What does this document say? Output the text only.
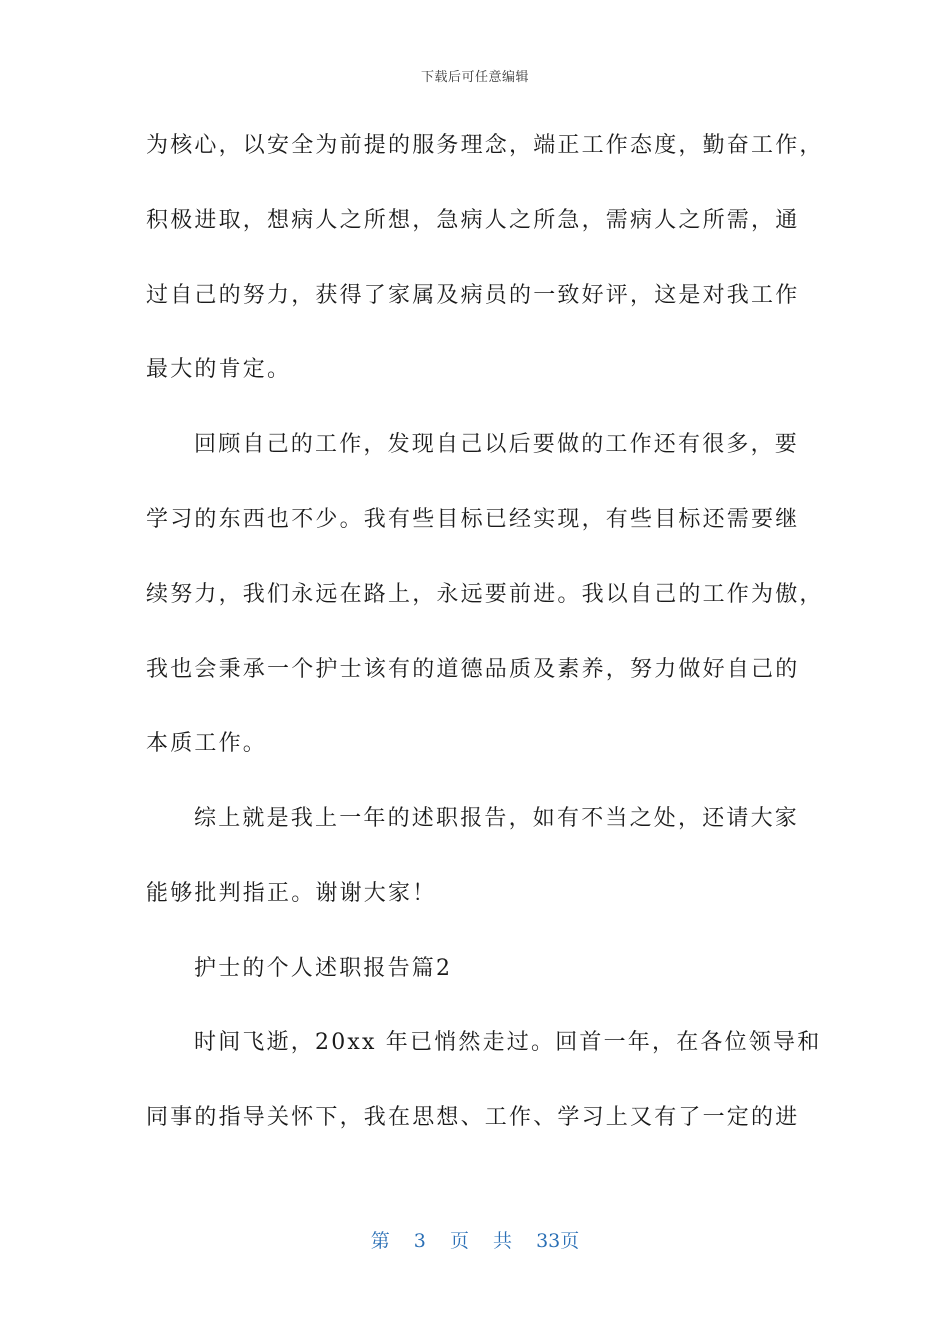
下载后可任意编辑
为核心，以安全为前提的服务理念，端正工作态度，勤奋工作，
积极进取，想病人之所想，急病人之所急，需病人之所需，通
过自己的努力，获得了家属及病员的一致好评，这是对我工作
最大的肯定。
回顾自己的工作，发现自己以后要做的工作还有很多，要
学习的东西也不少。我有些目标已经实现，有些目标还需要继
续努力，我们永远在路上，永远要前进。我以自己的工作为傲，
我也会秉承一个护士该有的道德品质及素养，努力做好自己的
本质工作。
综上就是我上一年的述职报告，如有不当之处，还请大家
能够批判指正。谢谢大家！
护士的个人述职报告篇2
时间飞逝，20xx 年已悄然走过。回首一年，在各位领导和
同事的指导关怀下，我在思想、工作、学习上又有了一定的进
第 3 页 共 33页
